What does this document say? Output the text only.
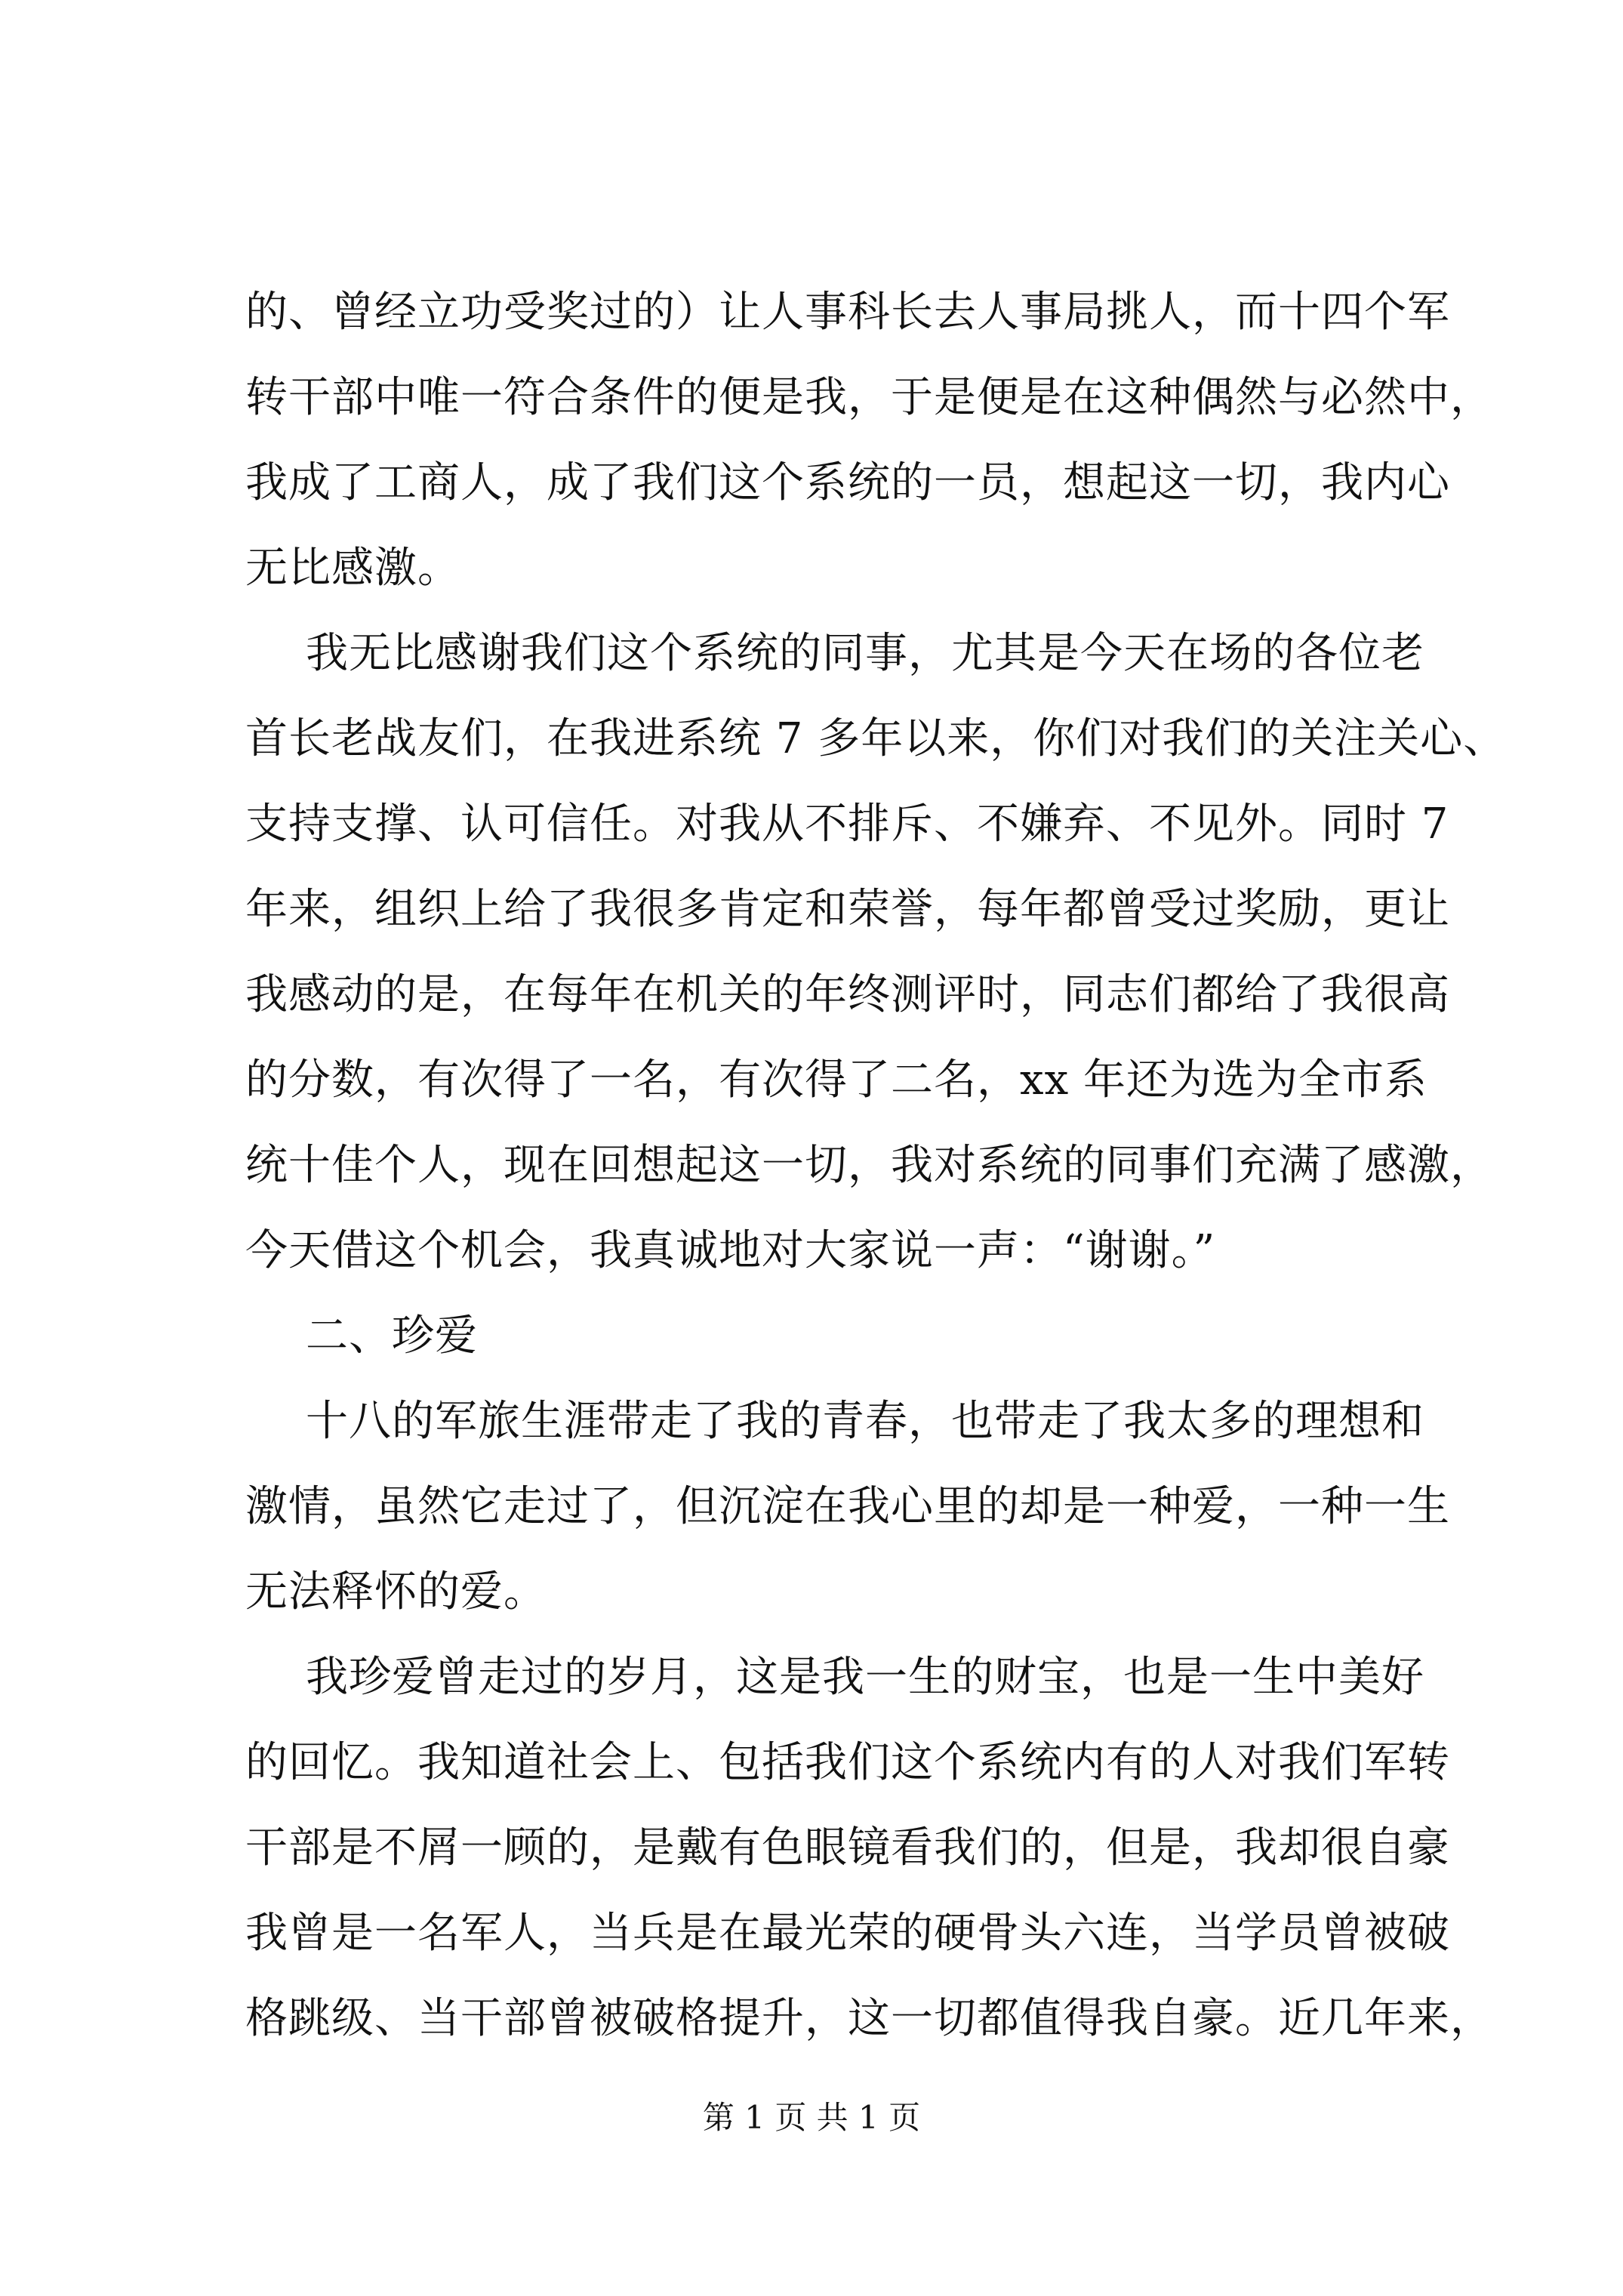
的、曾经立功受奖过的）让人事科长去人事局挑人，而十四个军
转干部中唯一符合条件的便是我，于是便是在这种偶然与必然中，
我成了工商人，成了我们这个系统的一员，想起这一切，我内心
无比感激。
我无比感谢我们这个系统的同事，尤其是今天在场的各位老
首长老战友们，在我进系统 7 多年以来，你们对我们的关注关心、
支持支撑、认可信任。对我从不排斥、不嫌弃、不见外。同时 7
年来，组织上给了我很多肯定和荣誉，每年都曾受过奖励，更让
我感动的是，在每年在机关的年终测评时，同志们都给了我很高
的分数，有次得了一名，有次得了二名，xx 年还为选为全市系
统十佳个人，现在回想起这一切，我对系统的同事们充满了感激，
今天借这个机会，我真诚地对大家说一声：“谢谢。”
二、珍爱
十八的军旅生涯带走了我的青春，也带走了我太多的理想和
激情，虽然它走过了，但沉淀在我心里的却是一种爱，一种一生
无法释怀的爱。
我珍爱曾走过的岁月，这是我一生的财宝，也是一生中美好
的回忆。我知道社会上、包括我们这个系统内有的人对我们军转
干部是不屑一顾的，是戴有色眼镜看我们的，但是，我却很自豪
我曾是一名军人，当兵是在最光荣的硬骨头六连，当学员曾被破
格跳级、当干部曾被破格提升，这一切都值得我自豪。近几年来，
第 1 页 共 1 页
